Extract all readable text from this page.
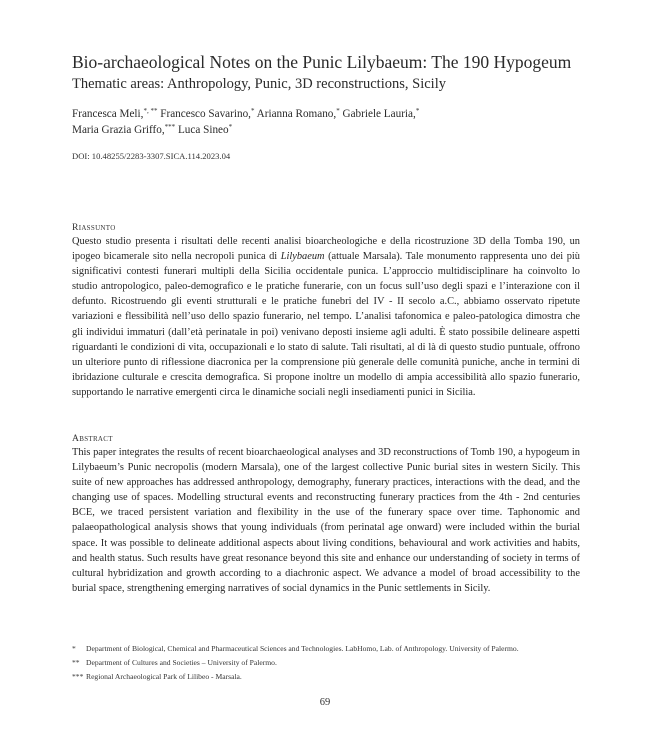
Bio-archaeological Notes on the Punic Lilybaeum: The 190 Hypogeum
Thematic areas: Anthropology, Punic, 3D reconstructions, Sicily
Francesca Meli,*, ** Francesco Savarino,* Arianna Romano,* Gabriele Lauria,*
Maria Grazia Griffo,*** Luca Sineo*
DOI: 10.48255/2283-3307.SICA.114.2023.04
Riassunto
Questo studio presenta i risultati delle recenti analisi bioarcheologiche e della ricostruzione 3D della Tomba 190, un ipogeo bicamerale sito nella necropoli punica di Lilybaeum (attuale Marsala). Tale monumento rappresenta uno dei più significativi contesti funerari multipli della Sicilia occidentale punica. L’approccio multidisciplinare ha coinvolto lo studio antropologico, paleo-demografico e le pratiche funerarie, con un focus sull’uso degli spazi e l’interazione con il defunto. Ricostruendo gli eventi strutturali e le pratiche funebri del IV - II secolo a.C., abbiamo osservato ripetute variazioni e flessibilità nell’uso dello spazio funerario, nel tempo. L’analisi tafonomica e paleo-patologica dimostra che gli individui immaturi (dall’età perinatale in poi) venivano deposti insieme agli adulti. È stato possibile delineare aspetti riguardanti le condizioni di vita, occupazionali e lo stato di salute. Tali risultati, al di là di questo studio puntuale, offrono un ulteriore punto di riflessione diacronica per la comprensione più generale delle comunità puniche, anche in termini di ibridazione culturale e crescita demografica. Si propone inoltre un modello di ampia accessibilità allo spazio funerario, supportando le narrative emergenti circa le dinamiche sociali negli insediamenti punici in Sicilia.
Abstract
This paper integrates the results of recent bioarchaeological analyses and 3D reconstructions of Tomb 190, a hypogeum in Lilybaeum’s Punic necropolis (modern Marsala), one of the largest collective Punic burial sites in western Sicily. This suite of new approaches has addressed anthropology, demography, funerary practices, interactions with the dead, and the changing use of spaces. Modelling structural events and reconstructing funerary practices from the 4th - 2nd centuries BCE, we traced persistent variation and flexibility in the use of the funerary space over time. Taphonomic and palaeopathological analysis shows that young individuals (from perinatal age onward) were included within the burial space. It was possible to delineate additional aspects about living conditions, behavioural and work activities and habits, and health status. Such results have great resonance beyond this site and enhance our understanding of society in terms of cultural hybridization and growth according to a diachronic aspect. We advance a model of broad accessibility to the burial space, strengthening emerging narratives of social dynamics in the Punic settlements in Sicily.
* Department of Biological, Chemical and Pharmaceutical Sciences and Technologies. LabHomo, Lab. of Anthropology. University of Palermo.
** Department of Cultures and Societies – University of Palermo.
*** Regional Archaeological Park of Lilibeo - Marsala.
69
